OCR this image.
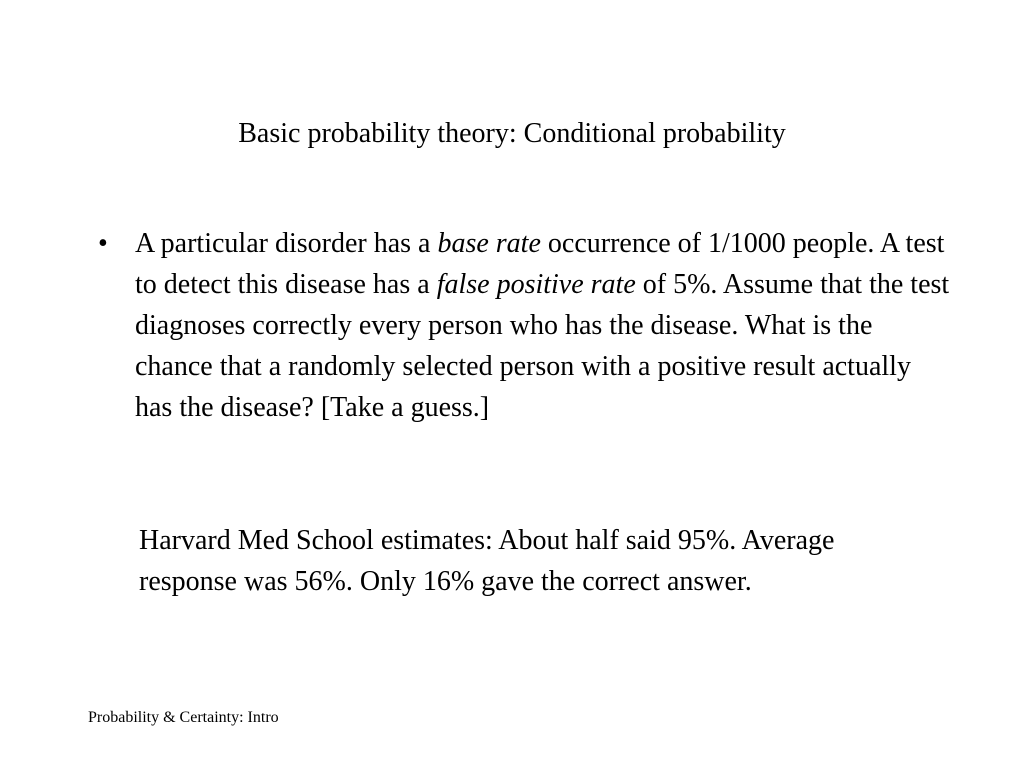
Basic probability theory: Conditional probability
• A particular disorder has a base rate occurrence of 1/1000 people. A test to detect this disease has a false positive rate of 5%. Assume that the test diagnoses correctly every person who has the disease. What is the chance that a randomly selected person with a positive result actually has the disease? [Take a guess.]
Harvard Med School estimates: About half said 95%. Average response was 56%. Only 16% gave the correct answer.
Probability & Certainty: Intro
